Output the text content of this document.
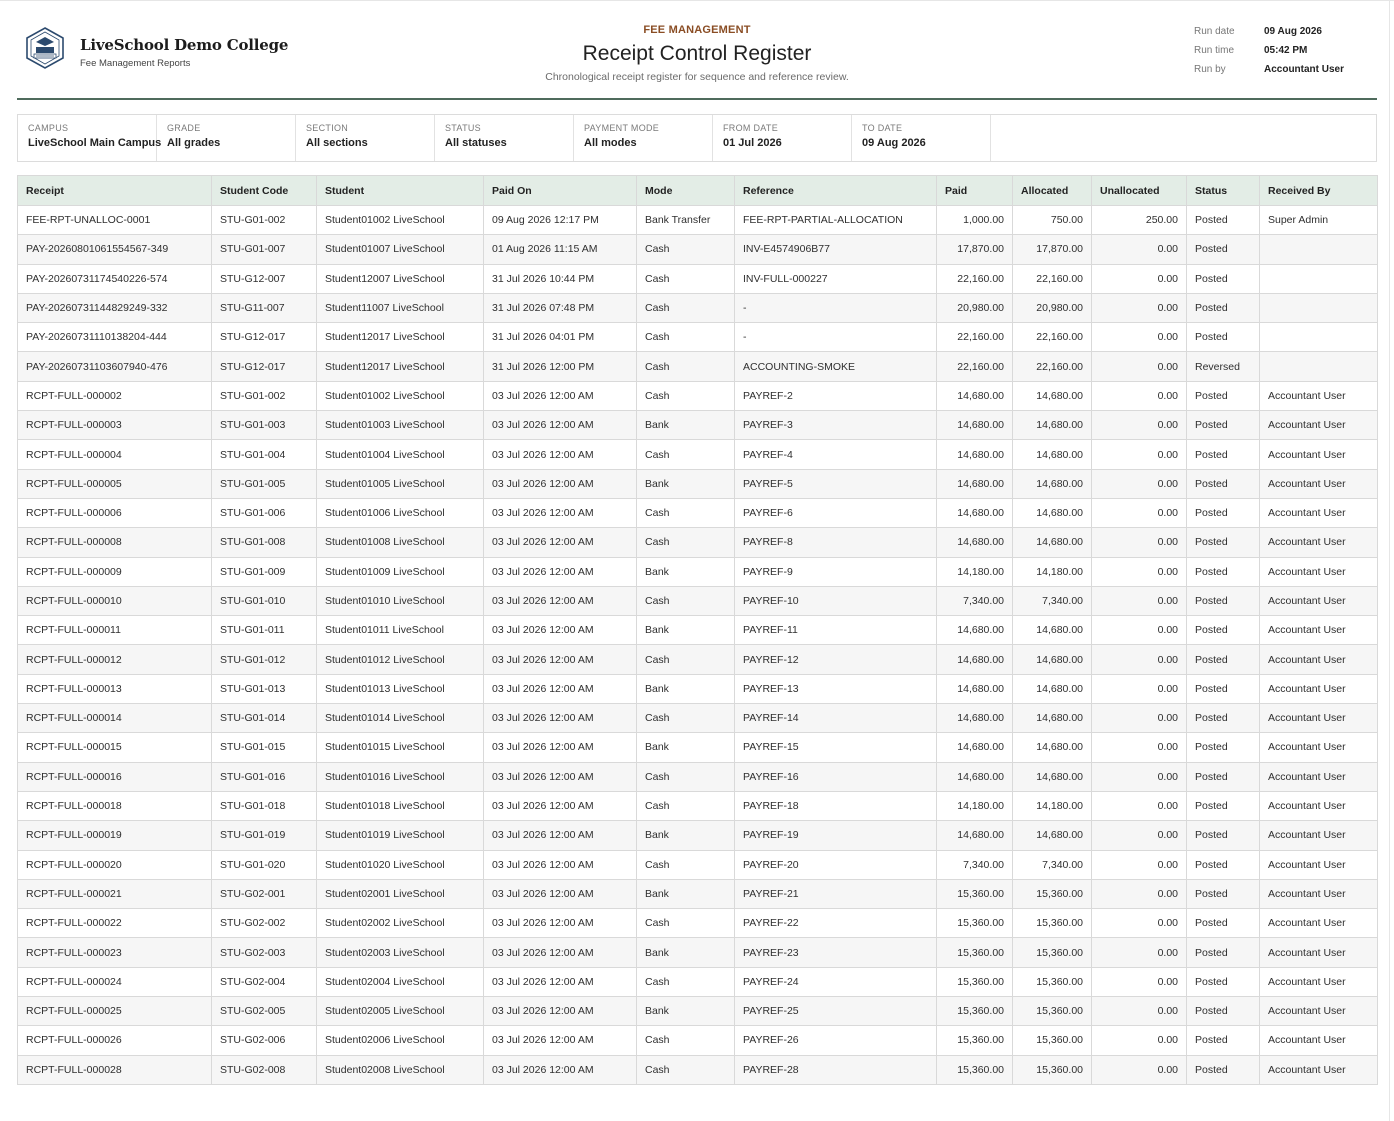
LiveSchool Demo College
Fee Management Reports
FEE MANAGEMENT
Receipt Control Register
Chronological receipt register for sequence and reference review.
Run date	09 Aug 2026
Run time	05:42 PM
Run by	Accountant User
CAMPUS
LiveSchool Main Campus
GRADE
All grades
SECTION
All sections
STATUS
All statuses
PAYMENT MODE
All modes
FROM DATE
01 Jul 2026
TO DATE
09 Aug 2026
Receipt	Student Code	Student	Paid On	Mode	Reference	Paid	Allocated	Unallocated	Status	Received By
FEE-RPT-UNALLOC-0001	STU-G01-002	Student01002 LiveSchool	09 Aug 2026 12:17 PM	Bank Transfer	FEE-RPT-PARTIAL-ALLOCATION	1,000.00	750.00	250.00	Posted	Super Admin
PAY-20260801061554567-349	STU-G01-007	Student01007 LiveSchool	01 Aug 2026 11:15 AM	Cash	INV-E4574906B77	17,870.00	17,870.00	0.00	Posted	
PAY-20260731174540226-574	STU-G12-007	Student12007 LiveSchool	31 Jul 2026 10:44 PM	Cash	INV-FULL-000227	22,160.00	22,160.00	0.00	Posted	
PAY-20260731144829249-332	STU-G11-007	Student11007 LiveSchool	31 Jul 2026 07:48 PM	Cash	-	20,980.00	20,980.00	0.00	Posted	
PAY-20260731110138204-444	STU-G12-017	Student12017 LiveSchool	31 Jul 2026 04:01 PM	Cash	-	22,160.00	22,160.00	0.00	Posted	
PAY-20260731103607940-476	STU-G12-017	Student12017 LiveSchool	31 Jul 2026 12:00 PM	Cash	ACCOUNTING-SMOKE	22,160.00	22,160.00	0.00	Reversed	
RCPT-FULL-000002	STU-G01-002	Student01002 LiveSchool	03 Jul 2026 12:00 AM	Cash	PAYREF-2	14,680.00	14,680.00	0.00	Posted	Accountant User
RCPT-FULL-000003	STU-G01-003	Student01003 LiveSchool	03 Jul 2026 12:00 AM	Bank	PAYREF-3	14,680.00	14,680.00	0.00	Posted	Accountant User
RCPT-FULL-000004	STU-G01-004	Student01004 LiveSchool	03 Jul 2026 12:00 AM	Cash	PAYREF-4	14,680.00	14,680.00	0.00	Posted	Accountant User
RCPT-FULL-000005	STU-G01-005	Student01005 LiveSchool	03 Jul 2026 12:00 AM	Bank	PAYREF-5	14,680.00	14,680.00	0.00	Posted	Accountant User
RCPT-FULL-000006	STU-G01-006	Student01006 LiveSchool	03 Jul 2026 12:00 AM	Cash	PAYREF-6	14,680.00	14,680.00	0.00	Posted	Accountant User
RCPT-FULL-000008	STU-G01-008	Student01008 LiveSchool	03 Jul 2026 12:00 AM	Cash	PAYREF-8	14,680.00	14,680.00	0.00	Posted	Accountant User
RCPT-FULL-000009	STU-G01-009	Student01009 LiveSchool	03 Jul 2026 12:00 AM	Bank	PAYREF-9	14,180.00	14,180.00	0.00	Posted	Accountant User
RCPT-FULL-000010	STU-G01-010	Student01010 LiveSchool	03 Jul 2026 12:00 AM	Cash	PAYREF-10	7,340.00	7,340.00	0.00	Posted	Accountant User
RCPT-FULL-000011	STU-G01-011	Student01011 LiveSchool	03 Jul 2026 12:00 AM	Bank	PAYREF-11	14,680.00	14,680.00	0.00	Posted	Accountant User
RCPT-FULL-000012	STU-G01-012	Student01012 LiveSchool	03 Jul 2026 12:00 AM	Cash	PAYREF-12	14,680.00	14,680.00	0.00	Posted	Accountant User
RCPT-FULL-000013	STU-G01-013	Student01013 LiveSchool	03 Jul 2026 12:00 AM	Bank	PAYREF-13	14,680.00	14,680.00	0.00	Posted	Accountant User
RCPT-FULL-000014	STU-G01-014	Student01014 LiveSchool	03 Jul 2026 12:00 AM	Cash	PAYREF-14	14,680.00	14,680.00	0.00	Posted	Accountant User
RCPT-FULL-000015	STU-G01-015	Student01015 LiveSchool	03 Jul 2026 12:00 AM	Bank	PAYREF-15	14,680.00	14,680.00	0.00	Posted	Accountant User
RCPT-FULL-000016	STU-G01-016	Student01016 LiveSchool	03 Jul 2026 12:00 AM	Cash	PAYREF-16	14,680.00	14,680.00	0.00	Posted	Accountant User
RCPT-FULL-000018	STU-G01-018	Student01018 LiveSchool	03 Jul 2026 12:00 AM	Cash	PAYREF-18	14,180.00	14,180.00	0.00	Posted	Accountant User
RCPT-FULL-000019	STU-G01-019	Student01019 LiveSchool	03 Jul 2026 12:00 AM	Bank	PAYREF-19	14,680.00	14,680.00	0.00	Posted	Accountant User
RCPT-FULL-000020	STU-G01-020	Student01020 LiveSchool	03 Jul 2026 12:00 AM	Cash	PAYREF-20	7,340.00	7,340.00	0.00	Posted	Accountant User
RCPT-FULL-000021	STU-G02-001	Student02001 LiveSchool	03 Jul 2026 12:00 AM	Bank	PAYREF-21	15,360.00	15,360.00	0.00	Posted	Accountant User
RCPT-FULL-000022	STU-G02-002	Student02002 LiveSchool	03 Jul 2026 12:00 AM	Cash	PAYREF-22	15,360.00	15,360.00	0.00	Posted	Accountant User
RCPT-FULL-000023	STU-G02-003	Student02003 LiveSchool	03 Jul 2026 12:00 AM	Bank	PAYREF-23	15,360.00	15,360.00	0.00	Posted	Accountant User
RCPT-FULL-000024	STU-G02-004	Student02004 LiveSchool	03 Jul 2026 12:00 AM	Cash	PAYREF-24	15,360.00	15,360.00	0.00	Posted	Accountant User
RCPT-FULL-000025	STU-G02-005	Student02005 LiveSchool	03 Jul 2026 12:00 AM	Bank	PAYREF-25	15,360.00	15,360.00	0.00	Posted	Accountant User
RCPT-FULL-000026	STU-G02-006	Student02006 LiveSchool	03 Jul 2026 12:00 AM	Cash	PAYREF-26	15,360.00	15,360.00	0.00	Posted	Accountant User
RCPT-FULL-000028	STU-G02-008	Student02008 LiveSchool	03 Jul 2026 12:00 AM	Cash	PAYREF-28	15,360.00	15,360.00	0.00	Posted	Accountant User
